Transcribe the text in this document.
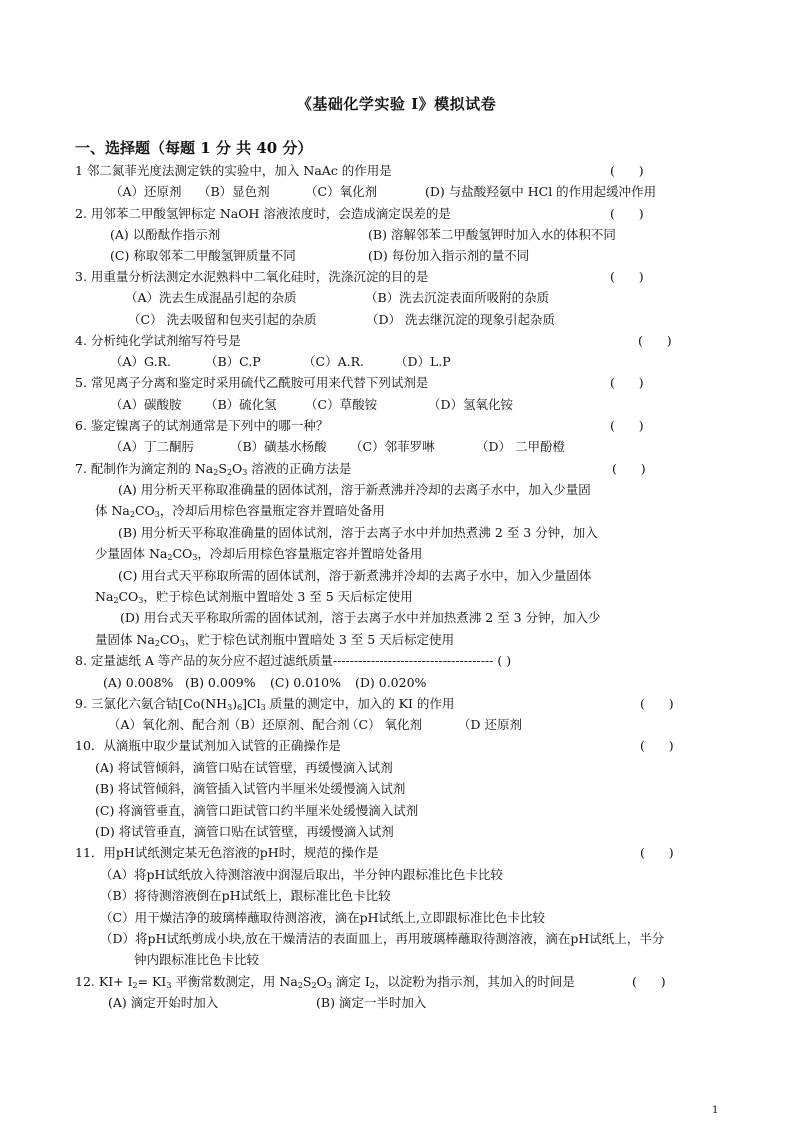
《基础化学实验 I》模拟试卷
一、选择题（每题 1 分 共 40 分）
1 邻二氮菲光度法测定铁的实验中，加入 NaAc 的作用是	(      )
（A）还原剂 （B）显色剂	（C）氧化剂	(D) 与盐酸羟氨中 HCl 的作用起缓冲作用
2. 用邻苯二甲酸氢钾标定 NaOH 溶液浓度时，会造成滴定误差的是	(      )
(A) 以酚酞作指示剂	(B) 溶解邻苯二甲酸氢钾时加入水的体积不同
(C) 称取邻苯二甲酸氢钾质量不同	(D) 每份加入指示剂的量不同
3. 用重量分析法测定水泥熟料中二氧化硅时，洗涤沉淀的目的是	(      )
（A）洗去生成混晶引起的杂质	（B）洗去沉淀表面所吸附的杂质
（C） 洗去吸留和包夹引起的杂质	（D） 洗去继沉淀的现象引起杂质
4. 分析纯化学试剂缩写符号是	(      )
（A）G.R.	（B）C.P	（C）A.R. （D）L.P
5. 常见离子分离和鉴定时采用硫代乙酰胺可用来代替下列试剂是	(      )
（A）碳酸胺 （B）硫化氢 （C）草酸铵	（D）氢氧化铵
6. 鉴定镍离子的试剂通常是下列中的哪一种？	(      )
（A）丁二酮肟	（B）磺基水杨酸 （C）邻菲罗啉	（D） 二甲酚橙
7. 配制作为滴定剂的 $Na_2S_2O_3$ 溶液的正确方法是	(      )
(A) 用分析天平称取准确量的固体试剂，溶于新煮沸并冷却的去离子水中，加入少量固
体 $Na_2CO_3$，冷却后用棕色容量瓶定容并置暗处备用
(B) 用分析天平称取准确量的固体试剂，溶于去离子水中并加热煮沸 2 至 3 分钟，加入
少量固体 $Na_2CO_3$，冷却后用棕色容量瓶定容并置暗处备用
(C) 用台式天平称取所需的固体试剂，溶于新煮沸并冷却的去离子水中，加入少量固体
$Na_2CO_3$，贮于棕色试剂瓶中置暗处 3 至 5 天后标定使用
(D) 用台式天平称取所需的固体试剂，溶于去离子水中并加热煮沸 2 至 3 分钟，加入少
量固体 $Na_2CO_3$，贮于棕色试剂瓶中置暗处 3 至 5 天后标定使用
8. 定量滤纸 A 等产品的灰分应不超过滤纸质量-------------------------------------- ( )
(A) 0.008% (B) 0.009% (C) 0.010% (D) 0.020%
9. 三氯化六氨合钴$[Co(NH_3)_6]Cl_3$ 质量的测定中，加入的 KI 的作用	(      )
（A）氧化剂、配合剂
（B）还原剂、配合剂
（C） 氧化剂	（D 还原剂
10．从滴瓶中取少量试剂加入试管的正确操作是	(      )
(A) 将试管倾斜，滴管口贴在试管壁，再缓慢滴入试剂
(B) 将试管倾斜，滴管插入试管内半厘米处缓慢滴入试剂
(C) 将滴管垂直，滴管口距试管口约半厘米处缓慢滴入试剂
(D) 将试管垂直，滴管口贴在试管壁，再缓慢滴入试剂
11．用pH试纸测定某无色溶液的pH时，规范的操作是	(      )
（A）将pH试纸放入待测溶液中润湿后取出，半分钟内跟标准比色卡比较
（B）将待测溶液倒在pH试纸上，跟标准比色卡比较
（C）用干燥洁净的玻璃棒蘸取待测溶液，滴在pH试纸上,立即跟标准比色卡比较
（D）将pH试纸剪成小块,放在干燥清洁的表面皿上，再用玻璃棒蘸取待测溶液，滴在pH试纸上，半分
钟内跟标准比色卡比较
12. $KI+ I_2= KI_3$ 平衡常数测定，用 $Na_2S_2O_3$ 滴定 $I_2$，以淀粉为指示剂，其加入的时间是	(      )
(A) 滴定开始时加入	(B) 滴定一半时加入
1
